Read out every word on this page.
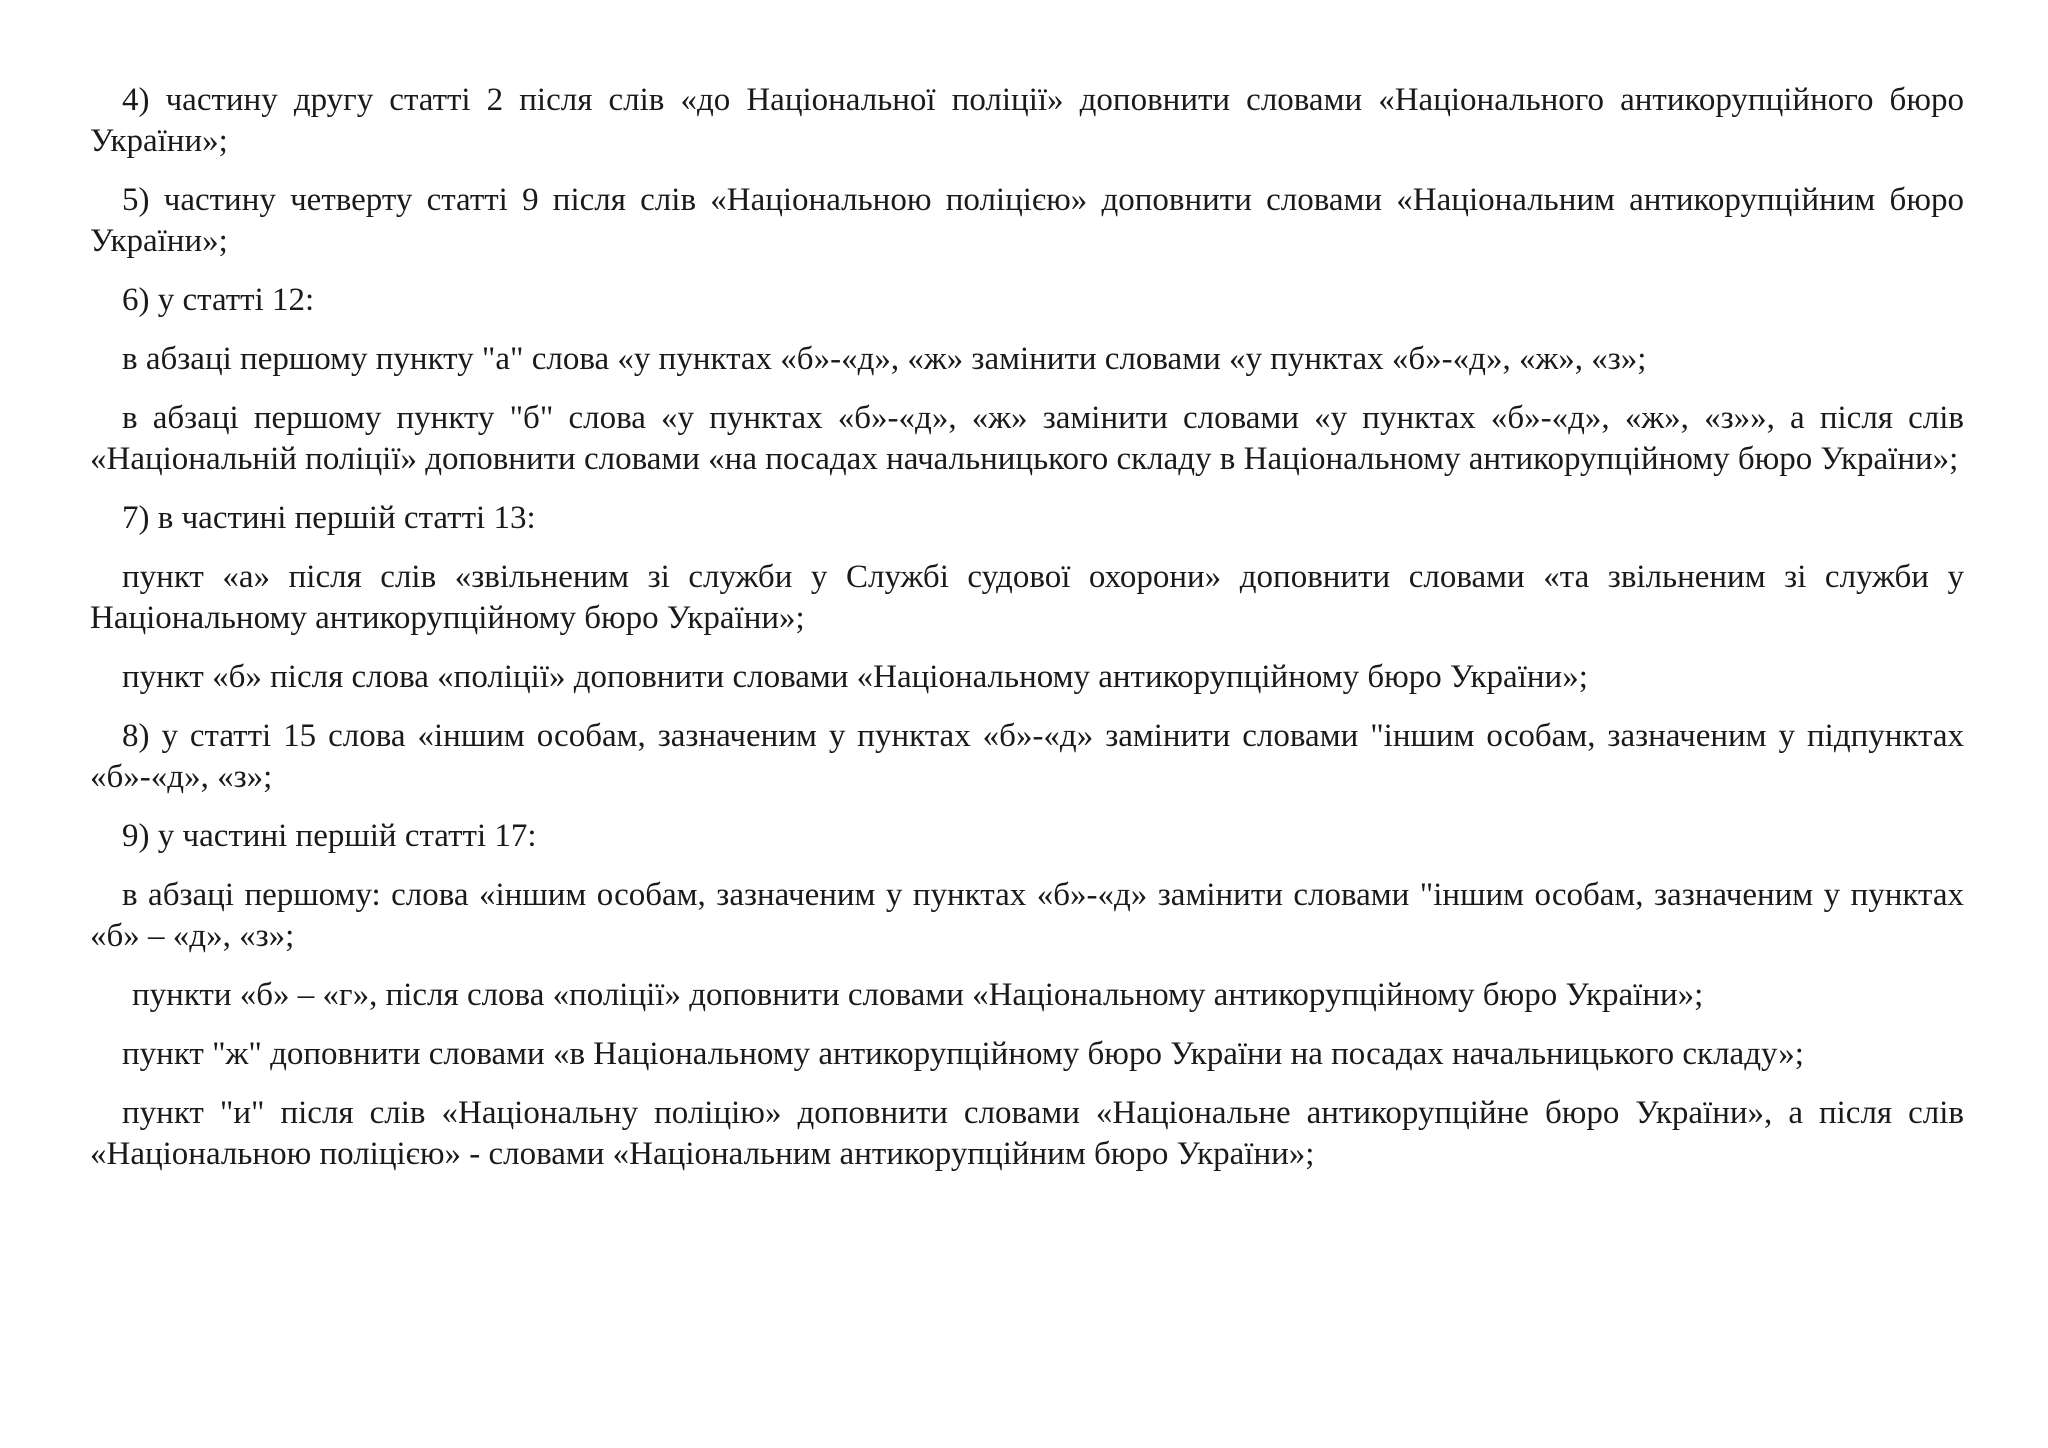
4) частину другу статті 2 після слів «до Національної поліції» доповнити словами «Національного антикорупційного бюро України»;

5) частину четверту статті 9 після слів «Національною поліцією» доповнити словами «Національним антикорупційним бюро України»;

6) у статті 12:

в абзаці першому пункту "а" слова «у пунктах «б»-«д», «ж» замінити словами «у пунктах «б»-«д», «ж», «з»;

в абзаці першому пункту "б" слова «у пунктах «б»-«д», «ж» замінити словами «у пунктах «б»-«д», «ж», «з»», а після слів «Національній поліції» доповнити словами «на посадах начальницького складу в Національному антикорупційному бюро України»;

7) в частині першій статті 13:

пункт «а» після слів «звільненим зі служби у Службі судової охорони» доповнити словами «та звільненим зі служби у Національному антикорупційному бюро України»;

пункт «б» після слова «поліції» доповнити словами «Національному антикорупційному бюро України»;

8) у статті 15 слова «іншим особам, зазначеним у пунктах «б»-«д» замінити словами "іншим особам, зазначеним у підпунктах «б»-«д», «з»;

9) у частині першій статті 17:

в абзаці першому: слова «іншим особам, зазначеним у пунктах «б»-«д» замінити словами "іншим особам, зазначеним у пунктах «б» – «д», «з»;

пункти «б» – «г», після слова «поліції» доповнити словами «Національному антикорупційному бюро України»;

пункт "ж" доповнити словами «в Національному антикорупційному бюро України на посадах начальницького складу»;

пункт "и" після слів «Національну поліцію» доповнити словами «Національне антикорупційне бюро України», а після слів «Національною поліцією» - словами «Національним антикорупційним бюро України»;
